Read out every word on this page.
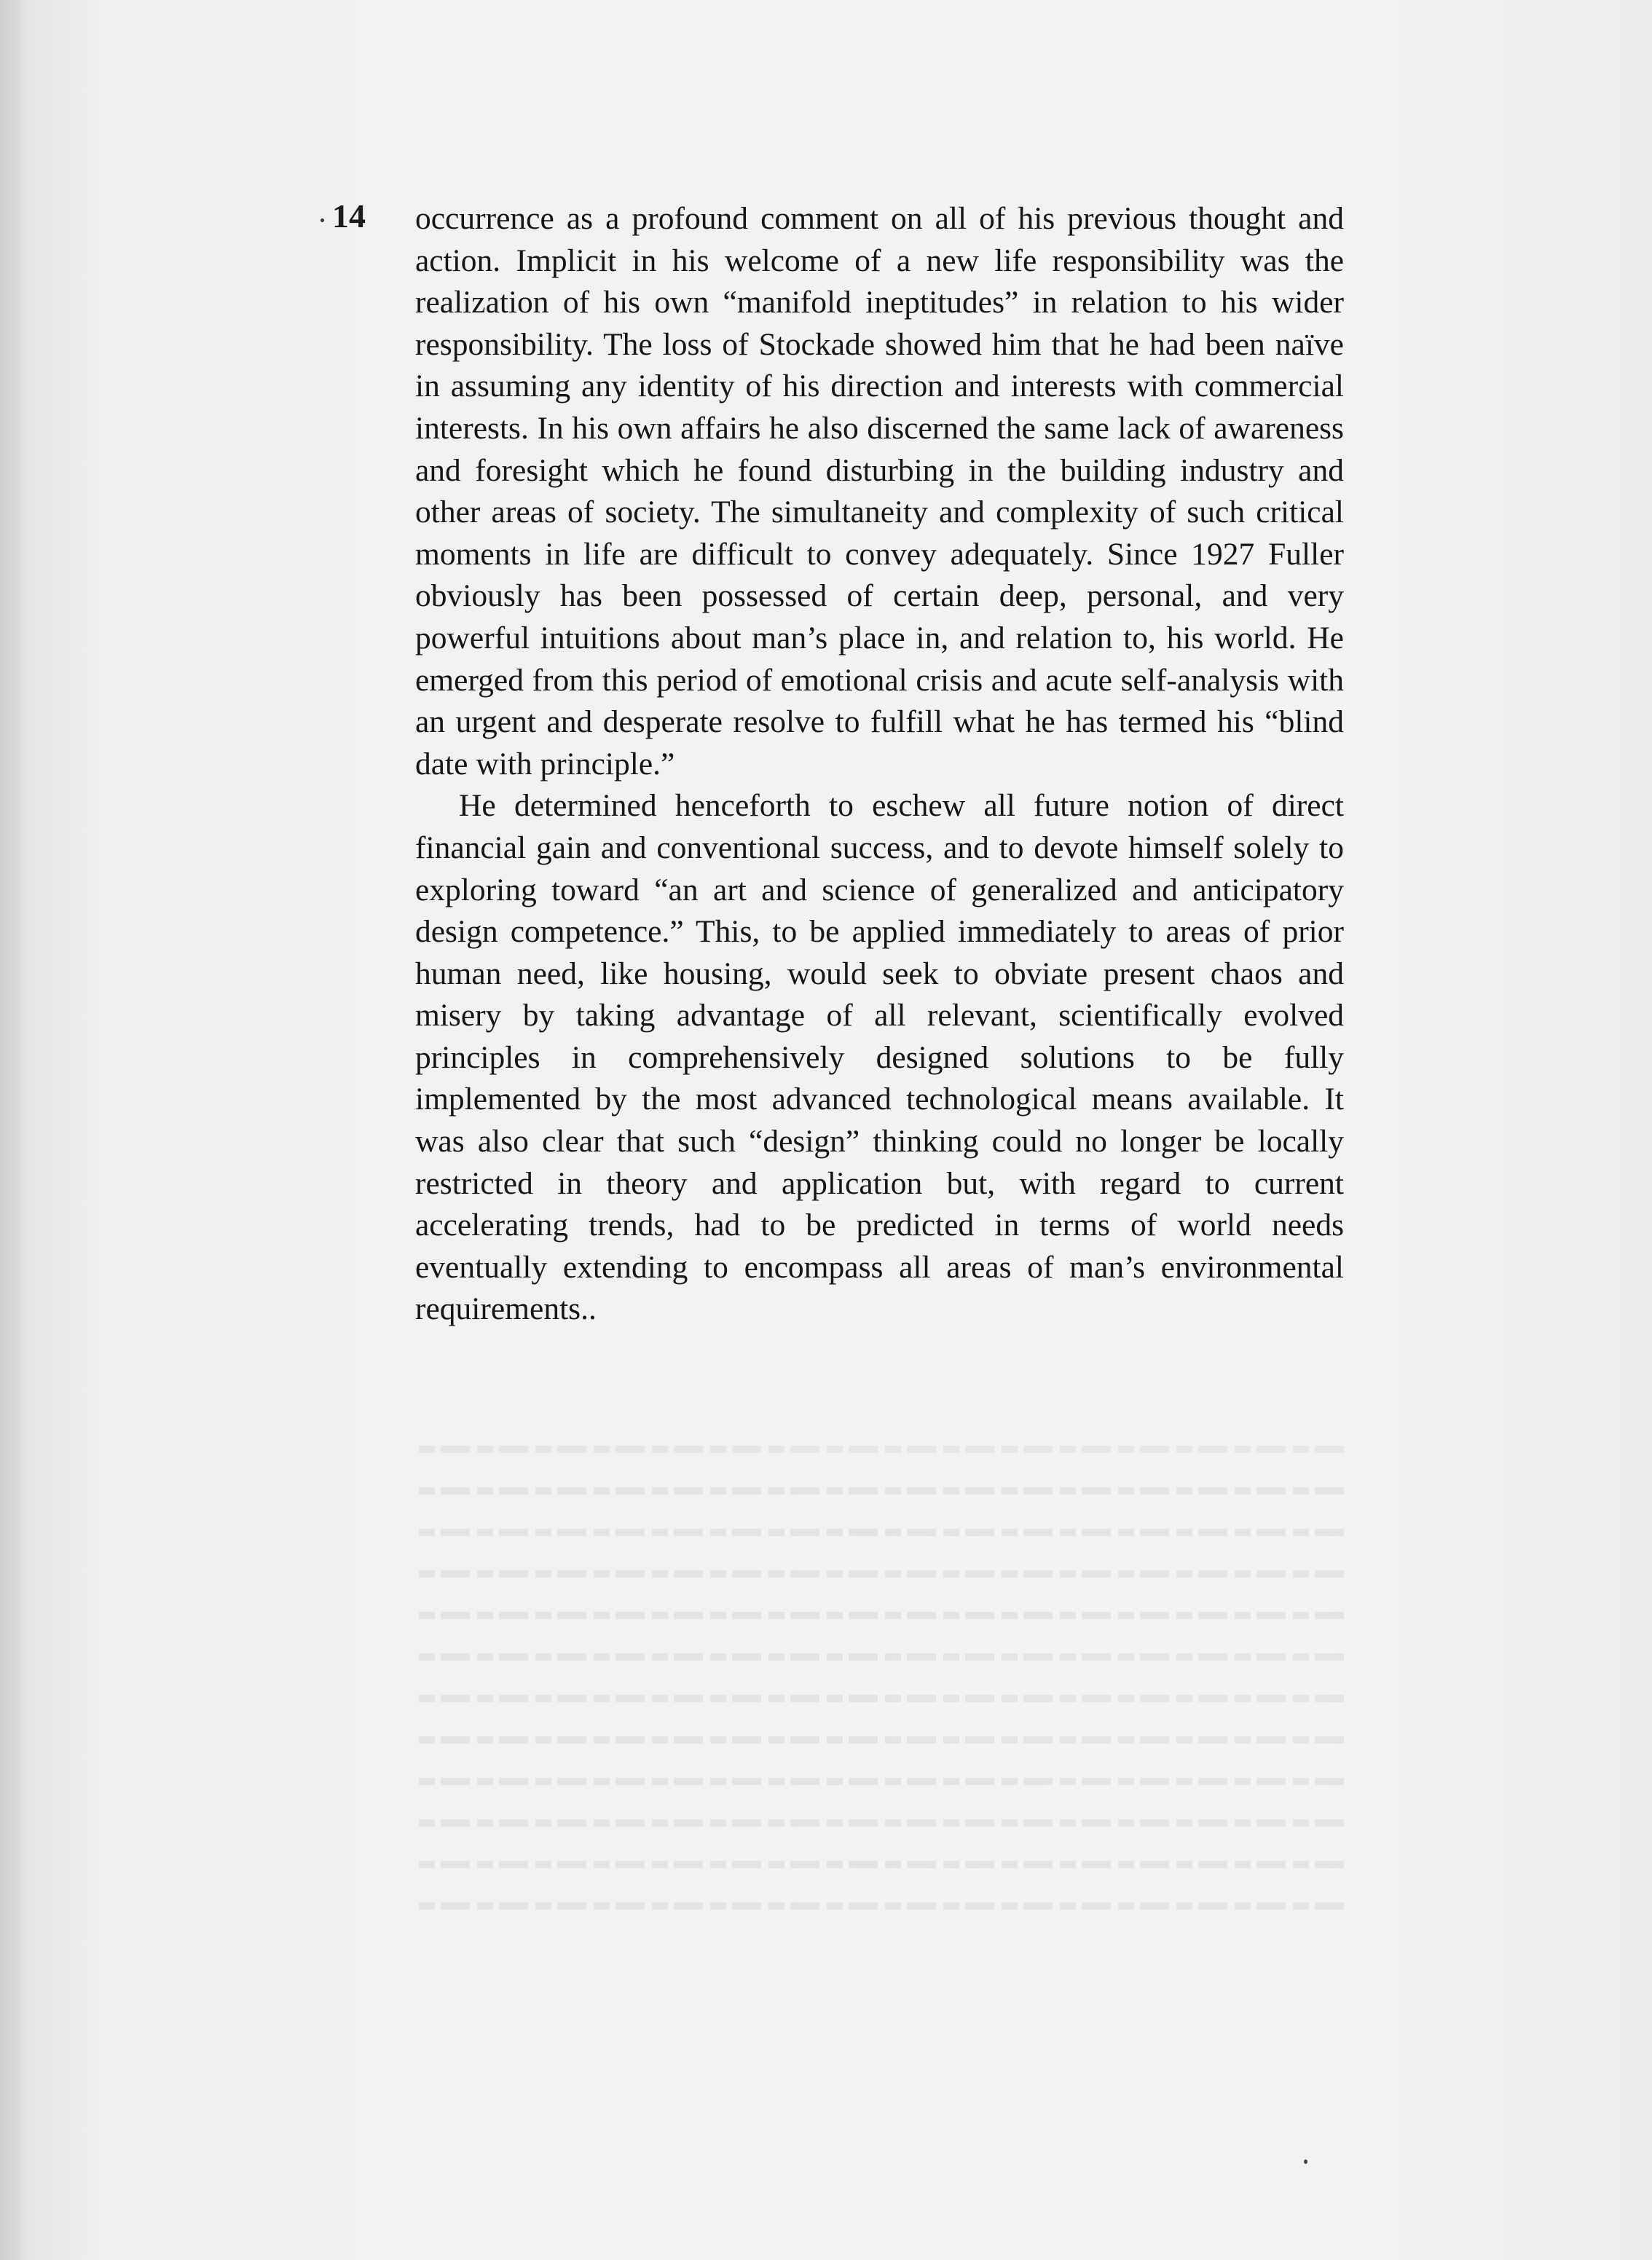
14 occurrence as a profound comment on all of his previous thought and action. Implicit in his welcome of a new life responsibility was the realization of his own “manifold ineptitudes” in relation to his wider responsibility. The loss of Stockade showed him that he had been naïve in assuming any identity of his direction and interests with commercial interests. In his own affairs he also discerned the same lack of awareness and foresight which he found disturbing in the building industry and other areas of society. The simultaneity and complexity of such critical moments in life are difficult to convey adequately. Since 1927 Fuller obviously has been possessed of certain deep, personal, and very powerful intuitions about man’s place in, and relation to, his world. He emerged from this period of emotional crisis and acute self-analysis with an urgent and desperate resolve to fulfill what he has termed his “blind date with principle.”

He determined henceforth to eschew all future notion of direct financial gain and conventional success, and to devote himself solely to exploring toward “an art and science of generalized and anticipatory design competence.” This, to be applied immediately to areas of prior human need, like housing, would seek to obviate present chaos and misery by taking advantage of all relevant, scientifically evolved principles in comprehensively designed solutions to be fully implemented by the most advanced technological means available. It was also clear that such “design” thinking could no longer be locally restricted in theory and application but, with regard to current accelerating trends, had to be predicted in terms of world needs eventually extending to encompass all areas of man’s environmental requirements..
